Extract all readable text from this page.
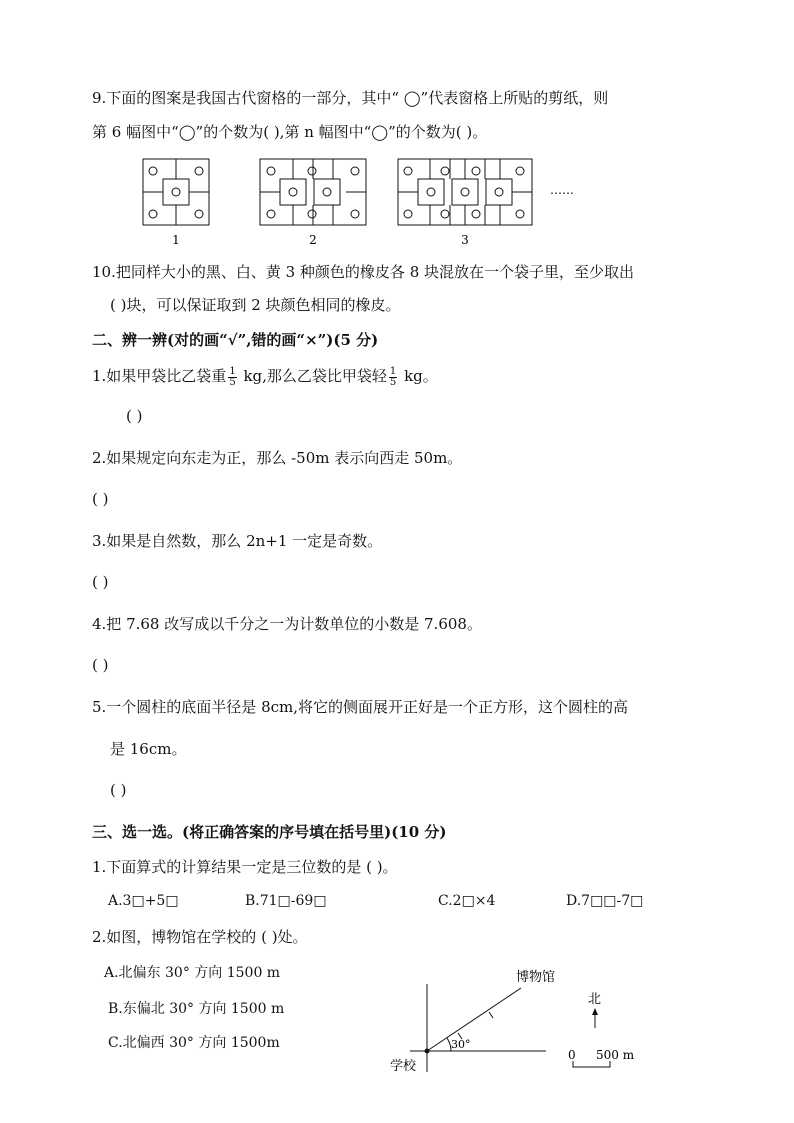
9.下面的图案是我国古代窗格的一部分，其中“ ◯”代表窗格上所贴的剪纸，则
第 6 幅图中“◯”的个数为( ),第 n 幅图中“◯”的个数为( )。
1	2	3
……
10.把同样大小的黑、白、黄 3 种颜色的橡皮各 8 块混放在一个袋子里，至少取出
( )块，可以保证取到 2 块颜色相同的橡皮。
二、辨一辨(对的画“√”,错的画“×”)(5 分)
1.如果甲袋比乙袋重 $\frac{1}{5}$ kg,那么乙袋比甲袋轻 $\frac{1}{5}$ kg。
( )
2.如果规定向东走为正，那么 -50m 表示向西走 50m。
( )
3.如果是自然数，那么 2n+1 一定是奇数。
( )
4.把 7.68 改写成以千分之一为计数单位的小数是 7.608。
( )
5.一个圆柱的底面半径是 8cm,将它的侧面展开正好是一个正方形，这个圆柱的高
是 16cm。
( )
三、选一选。(将正确答案的序号填在括号里)(10 分)
1.下面算式的计算结果一定是三位数的是 ( )。
A.3□+5□	B.71□-69□	C.2□×4	D.7□□-7□
2.如图，博物馆在学校的 ( )处。
A.北偏东 30° 方向 1500 m
B.东偏北 30° 方向 1500 m
C.北偏西 30° 方向 1500m
博物馆
学校
30°
北
0 500 m
